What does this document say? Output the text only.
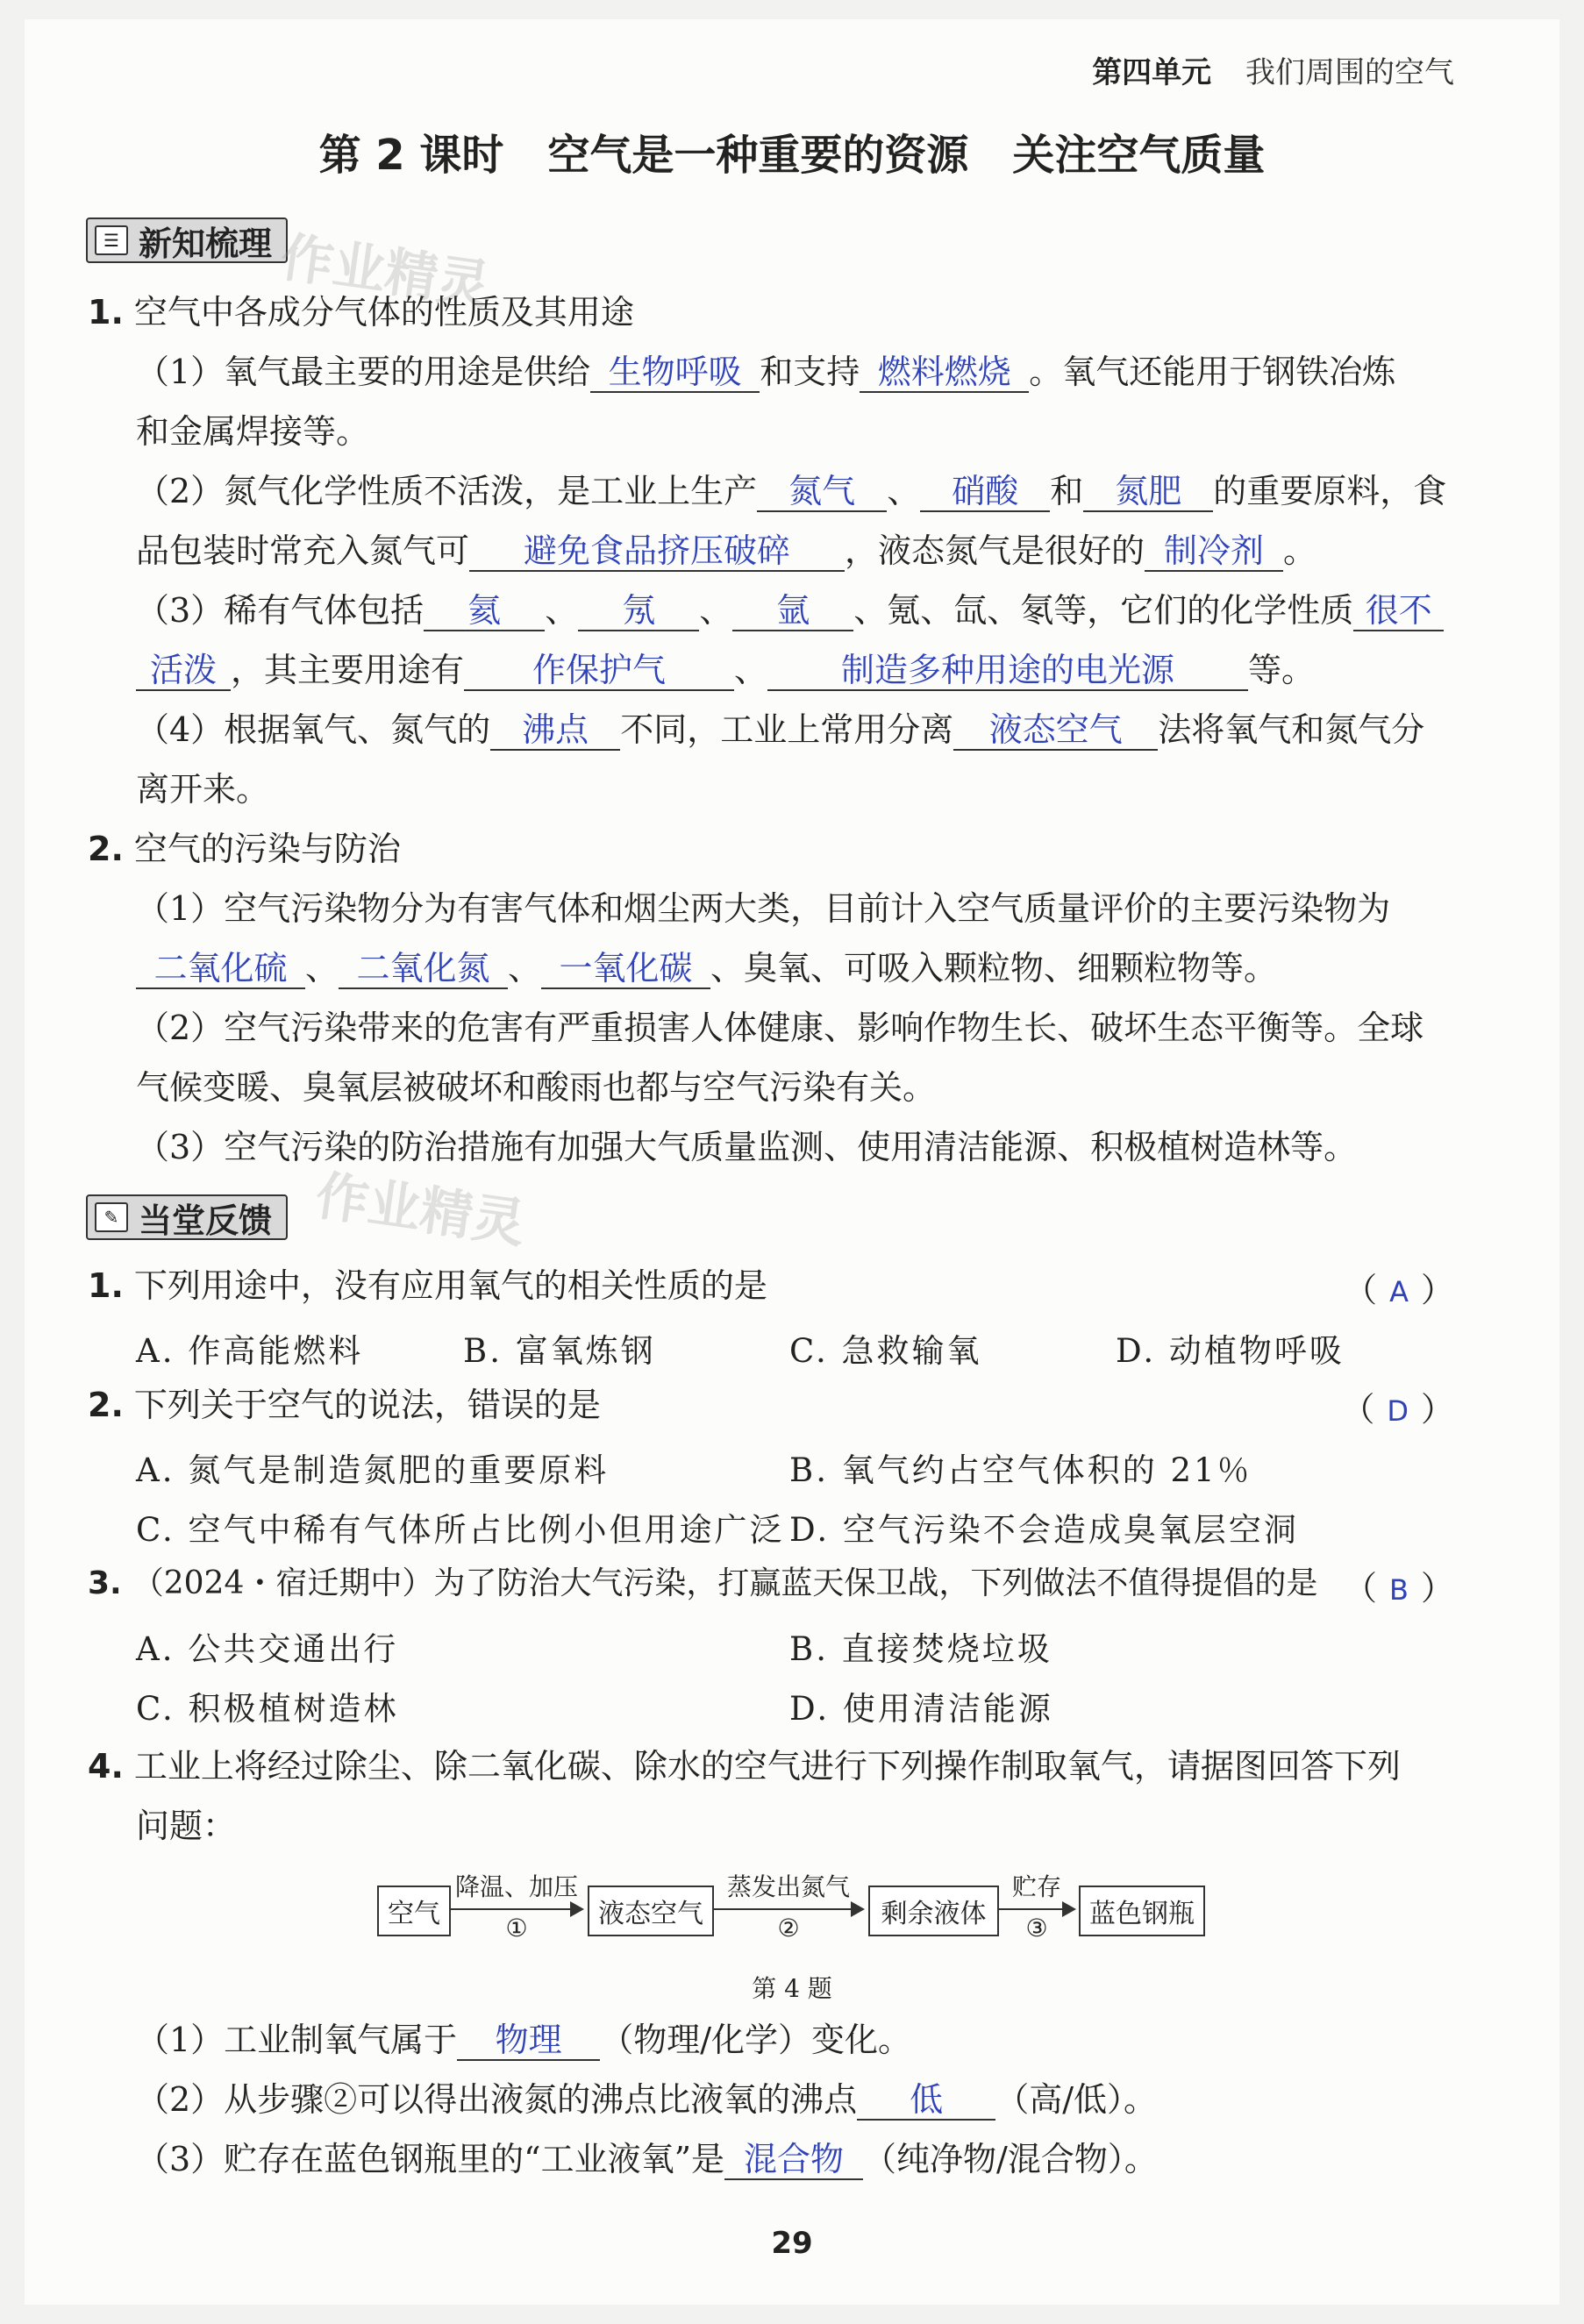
第四单元 我们周围的空气
第 2 课时 空气是一种重要的资源 关注空气质量
☰ 新知梳理 作业精灵
1. 空气中各成分气体的性质及其用途
（1）氧气最主要的用途是供给 生物呼吸 和支持 燃料燃烧 。氧气还能用于钢铁冶炼
和金属焊接等。
（2）氮气化学性质不活泼，是工业上生产 氮气 、 硝酸 和 氮肥 的重要原料，食
品包装时常充入氮气可 避免食品挤压破碎 ，液态氮气是很好的 制冷剂 。
（3）稀有气体包括 氦 、 氖 、 氩 、氪、氙、氡等，它们的化学性质 很不
活泼 ，其主要用途有 作保护气 、 制造多种用途的电光源 等。
（4）根据氧气、氮气的 沸点 不同，工业上常用分离 液态空气 法将氧气和氮气分
离开来。
2. 空气的污染与防治
（1）空气污染物分为有害气体和烟尘两大类，目前计入空气质量评价的主要污染物为
二氧化硫 、 二氧化氮 、 一氧化碳 、臭氧、可吸入颗粒物、细颗粒物等。
（2）空气污染带来的危害有严重损害人体健康、影响作物生长、破坏生态平衡等。全球
气候变暖、臭氧层被破坏和酸雨也都与空气污染有关。
（3）空气污染的防治措施有加强大气质量监测、使用清洁能源、积极植树造林等。
✎ 当堂反馈 作业精灵
1. 下列用途中，没有应用氧气的相关性质的是	（ A ）
A. 作高能燃料	B. 富氧炼钢	C. 急救输氧	D. 动植物呼吸
2. 下列关于空气的说法，错误的是	（ D ）
A. 氮气是制造氮肥的重要原料	B. 氧气约占空气体积的 21％
C. 空气中稀有气体所占比例小但用途广泛 D. 空气污染不会造成臭氧层空洞
3. （2024・宿迁期中）为了防治大气污染，打赢蓝天保卫战，下列做法不值得提倡的是 （ B ）
A. 公共交通出行	B. 直接焚烧垃圾
C. 积极植树造林	D. 使用清洁能源
4. 工业上将经过除尘、除二氧化碳、除水的空气进行下列操作制取氧气，请据图回答下列
问题：
空气
降温、加压
①	液态空气
蒸发出氮气
②	剩余液体
贮存
③	蓝色钢瓶
第 4 题
（1）工业制氧气属于 物理 （物理/化学）变化。
（2）从步骤②可以得出液氮的沸点比液氧的沸点 低 （高/低）。
（3）贮存在蓝色钢瓶里的“工业液氧”是 混合物 （纯净物/混合物）。
29
